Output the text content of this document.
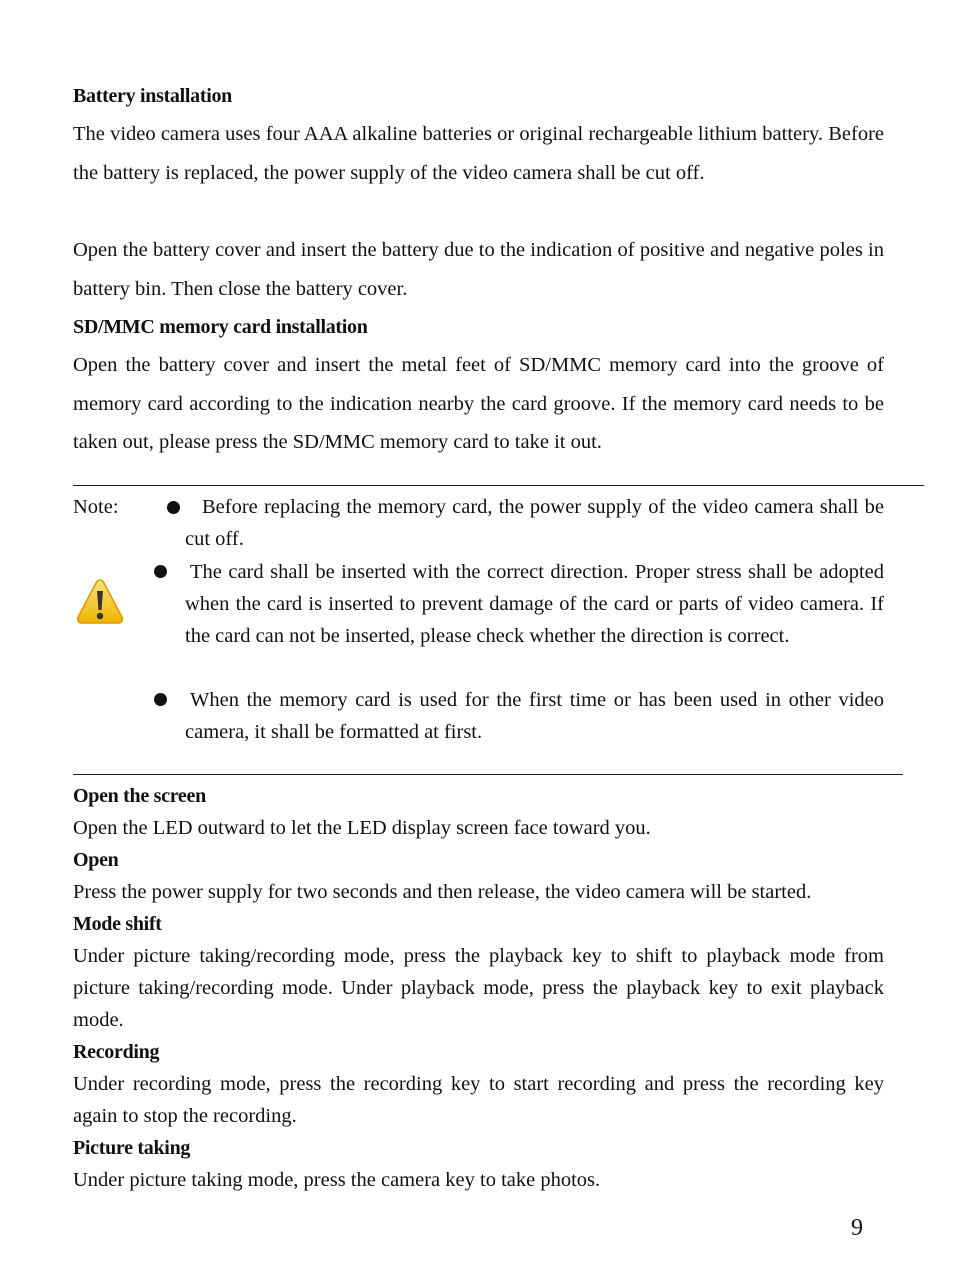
Battery installation
The video camera uses four AAA alkaline batteries or original rechargeable lithium battery. Before the battery is replaced, the power supply of the video camera shall be cut off.
Open the battery cover and insert the battery due to the indication of positive and negative poles in battery bin. Then close the battery cover.
SD/MMC memory card installation
Open the battery cover and insert the metal feet of SD/MMC memory card into the groove of memory card according to the indication nearby the card groove. If the memory card needs to be taken out, please press the SD/MMC memory card to take it out.
Note:	Before replacing the memory card, the power supply of the video camera shall be cut off.
The card shall be inserted with the correct direction. Proper stress shall be adopted when the card is inserted to prevent damage of the card or parts of video camera. If the card can not be inserted, please check whether the direction is correct.
When the memory card is used for the first time or has been used in other video camera, it shall be formatted at first.
Open the screen
Open the LED outward to let the LED display screen face toward you.
Open
Press the power supply for two seconds and then release, the video camera will be started.
Mode shift
Under picture taking/recording mode, press the playback key to shift to playback mode from picture taking/recording mode. Under playback mode, press the playback key to exit playback mode.
Recording
Under recording mode, press the recording key to start recording and press the recording key again to stop the recording.
Picture taking
Under picture taking mode, press the camera key to take photos.
9
